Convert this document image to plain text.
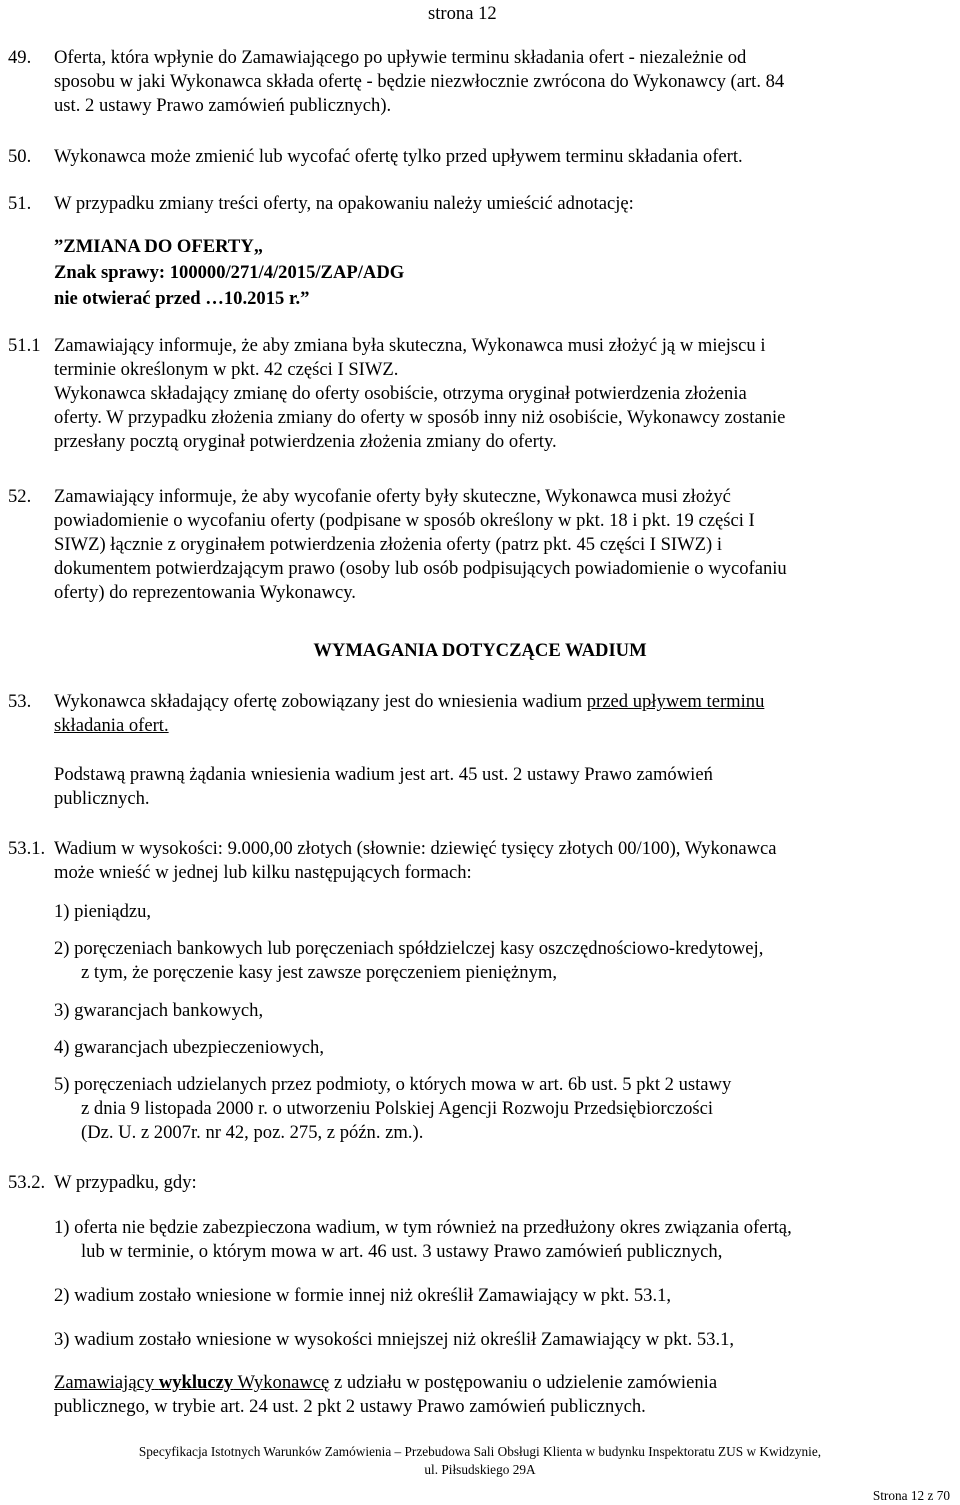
strona 12
49. Oferta, która wpłynie do Zamawiającego po upływie terminu składania ofert - niezależnie od
sposobu w jaki Wykonawca składa ofertę - będzie niezwłocznie zwrócona do Wykonawcy (art. 84
ust. 2 ustawy Prawo zamówień publicznych).
50. Wykonawca może zmienić lub wycofać ofertę tylko przed upływem terminu składania ofert.
51. W przypadku zmiany treści oferty, na opakowaniu należy umieścić adnotację:
”ZMIANA DO OFERTY„
Znak sprawy: 100000/271/4/2015/ZAP/ADG
nie otwierać przed …10.2015 r.”
51.1 Zamawiający informuje, że aby zmiana była skuteczna, Wykonawca musi złożyć ją w miejscu i
terminie określonym w pkt. 42 części I SIWZ.
Wykonawca składający zmianę do oferty osobiście, otrzyma oryginał potwierdzenia złożenia
oferty. W przypadku złożenia zmiany do oferty w sposób inny niż osobiście, Wykonawcy zostanie
przesłany pocztą oryginał potwierdzenia złożenia zmiany do oferty.
52. Zamawiający informuje, że aby wycofanie oferty były skuteczne, Wykonawca musi złożyć
powiadomienie o wycofaniu oferty (podpisane w sposób określony w pkt. 18 i pkt. 19 części I
SIWZ) łącznie z oryginałem potwierdzenia złożenia oferty (patrz pkt. 45 części I SIWZ) i
dokumentem potwierdzającym prawo (osoby lub osób podpisujących powiadomienie o wycofaniu
oferty) do reprezentowania Wykonawcy.
WYMAGANIA DOTYCZĄCE WADIUM
53. Wykonawca składający ofertę zobowiązany jest do wniesienia wadium przed upływem terminu
składania ofert.
Podstawą prawną żądania wniesienia wadium jest art. 45 ust. 2 ustawy Prawo zamówień
publicznych.
53.1. Wadium w wysokości: 9.000,00 złotych (słownie: dziewięć tysięcy złotych 00/100), Wykonawca
może wnieść w jednej lub kilku następujących formach:
1) pieniądzu,
2) poręczeniach bankowych lub poręczeniach spółdzielczej kasy oszczędnościowo-kredytowej,
z tym, że poręczenie kasy jest zawsze poręczeniem pieniężnym,
3) gwarancjach bankowych,
4) gwarancjach ubezpieczeniowych,
5) poręczeniach udzielanych przez podmioty, o których mowa w art. 6b ust. 5 pkt 2 ustawy
z dnia 9 listopada 2000 r. o utworzeniu Polskiej Agencji Rozwoju Przedsiębiorczości
(Dz. U. z 2007r. nr 42, poz. 275, z późn. zm.).
53.2. W przypadku, gdy:
1) oferta nie będzie zabezpieczona wadium, w tym również na przedłużony okres związania ofertą,
lub w terminie, o którym mowa w art. 46 ust. 3 ustawy Prawo zamówień publicznych,
2) wadium zostało wniesione w formie innej niż określił Zamawiający w pkt. 53.1,
3) wadium zostało wniesione w wysokości mniejszej niż określił Zamawiający w pkt. 53.1,
Zamawiający wykluczy Wykonawcę z udziału w postępowaniu o udzielenie zamówienia
publicznego, w trybie art. 24 ust. 2 pkt 2 ustawy Prawo zamówień publicznych.
Specyfikacja Istotnych Warunków Zamówienia – Przebudowa Sali Obsługi Klienta w budynku Inspektoratu ZUS w Kwidzynie,
ul. Piłsudskiego 29A
Strona 12 z 70
